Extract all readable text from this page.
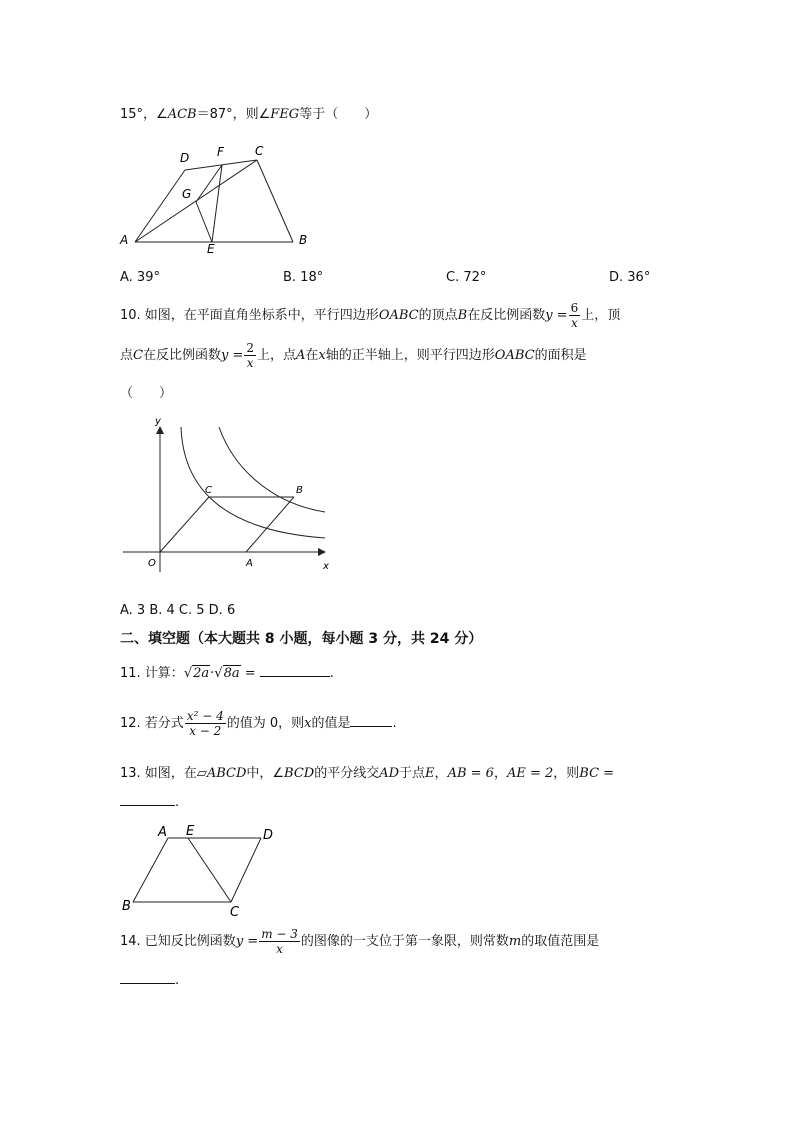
15°，∠ACB＝87°，则∠FEG等于（　　）
D F	C
G
A
E
B
A. 39°	B. 18°	C. 72°	D. 36°
10. 如图，在平面直角坐标系中，平行四边形OABC的顶点B在反比例函数$y = \frac{6}{x}$ 上，顶
点C在反比例函数$y = \frac{2}{x}$ 上，点A在x轴的正半轴上，则平行四边形OABC的面积是
（　　）
y
x
O	A
C	B
A. 3 B. 4 C. 5 D. 6
二、填空题（本大题共 8 小题，每小题 3 分，共 24 分）
11. 计算：√2a·√8a =	.
12. 若分式 $\frac{\text{x² − 4}}{x - 2}$ 的值为 0，则x的值是	.
13. 如图，在▱ABCD中，∠BCD的平分线交AD于点E，AB = 6，AE = 2，则BC =
.
A E	D
B	C
14. 已知反比例函数$y = \frac{m - 3}{x}$ 的图像的一支位于第一象限，则常数m的取值范围是
.
